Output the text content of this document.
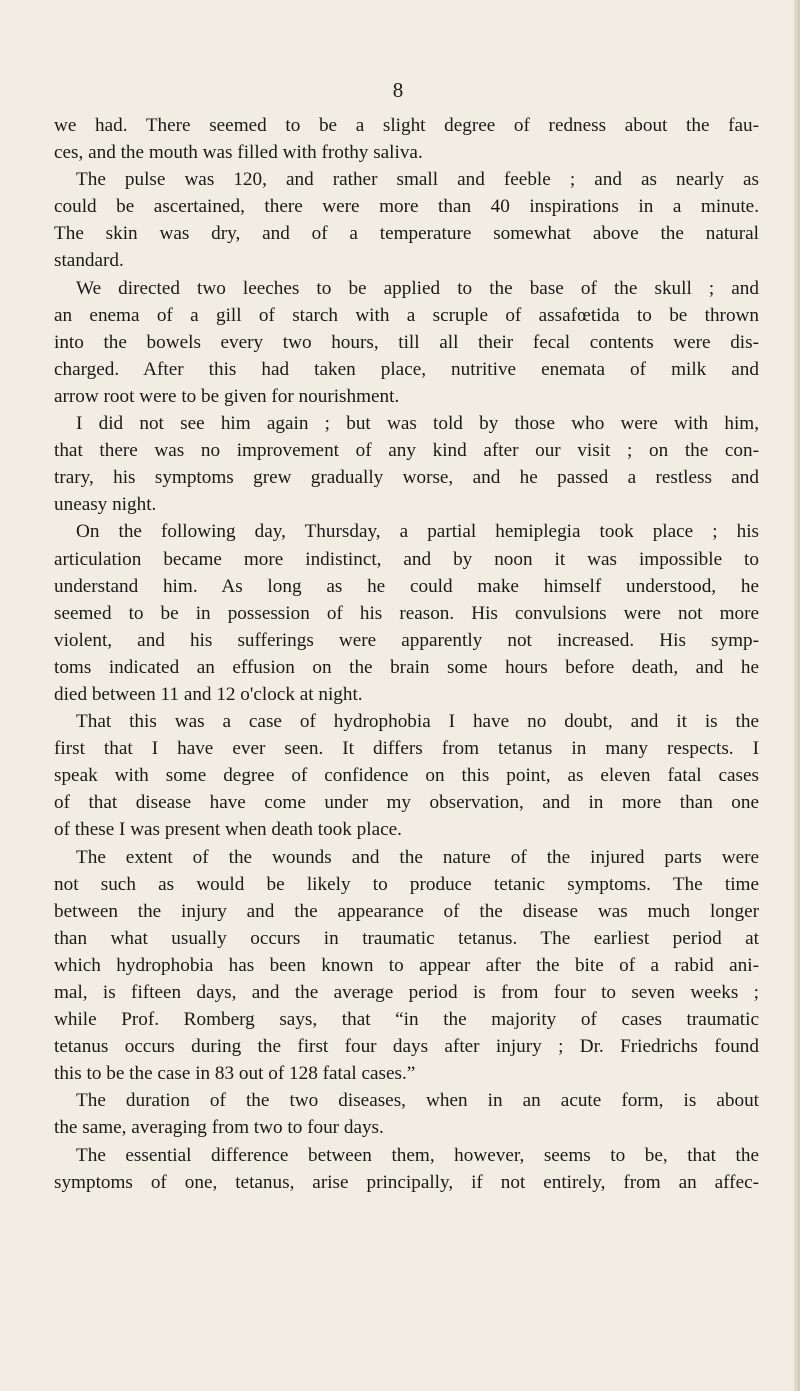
8
we had. There seemed to be a slight degree of redness about the fau-
ces, and the mouth was filled with frothy saliva.
The pulse was 120, and rather small and feeble ; and as nearly as
could be ascertained, there were more than 40 inspirations in a minute.
The skin was dry, and of a temperature somewhat above the natural
standard.
We directed two leeches to be applied to the base of the skull ; and
an enema of a gill of starch with a scruple of assafœtida to be thrown
into the bowels every two hours, till all their fecal contents were dis-
charged. After this had taken place, nutritive enemata of milk and
arrow root were to be given for nourishment.
I did not see him again ; but was told by those who were with him,
that there was no improvement of any kind after our visit ; on the con-
trary, his symptoms grew gradually worse, and he passed a restless and
uneasy night.
On the following day, Thursday, a partial hemiplegia took place ; his
articulation became more indistinct, and by noon it was impossible to
understand him. As long as he could make himself understood, he
seemed to be in possession of his reason. His convulsions were not more
violent, and his sufferings were apparently not increased. His symp-
toms indicated an effusion on the brain some hours before death, and he
died between 11 and 12 o'clock at night.
That this was a case of hydrophobia I have no doubt, and it is the
first that I have ever seen. It differs from tetanus in many respects. I
speak with some degree of confidence on this point, as eleven fatal cases
of that disease have come under my observation, and in more than one
of these I was present when death took place.
The extent of the wounds and the nature of the injured parts were
not such as would be likely to produce tetanic symptoms. The time
between the injury and the appearance of the disease was much longer
than what usually occurs in traumatic tetanus. The earliest period at
which hydrophobia has been known to appear after the bite of a rabid ani-
mal, is fifteen days, and the average period is from four to seven weeks ;
while Prof. Romberg says, that “in the majority of cases traumatic
tetanus occurs during the first four days after injury ; Dr. Friedrichs found
this to be the case in 83 out of 128 fatal cases.”
The duration of the two diseases, when in an acute form, is about
the same, averaging from two to four days.
The essential difference between them, however, seems to be, that the
symptoms of one, tetanus, arise principally, if not entirely, from an affec-
